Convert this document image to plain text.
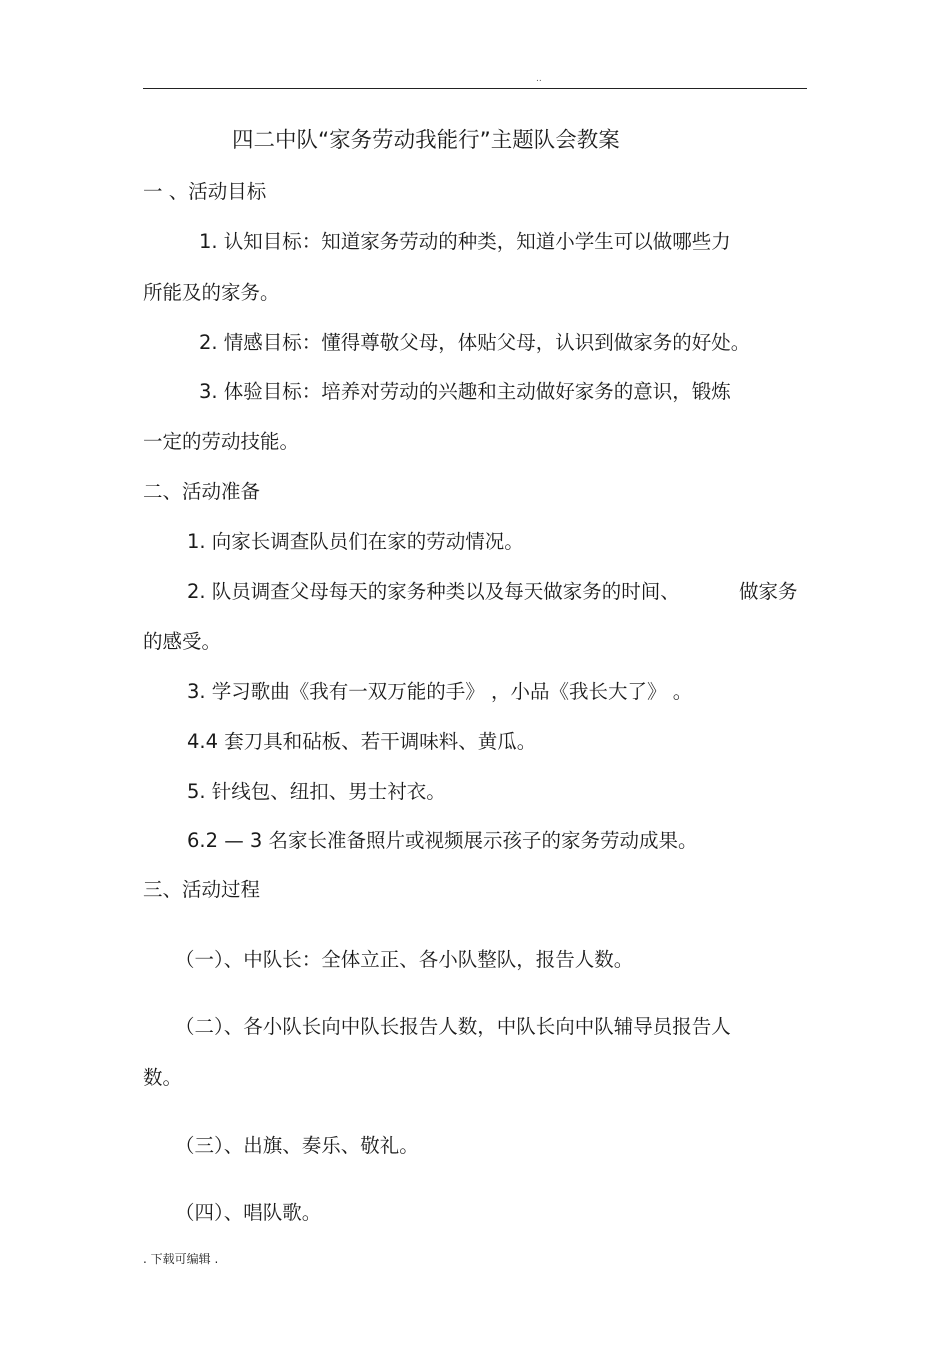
..
四二中队“家务劳动我能行”主题队会教案
一 、活动目标
1. 认知目标：知道家务劳动的种类，知道小学生可以做哪些力
所能及的家务。
2. 情感目标：懂得尊敬父母，体贴父母，认识到做家务的好处。
3. 体验目标：培养对劳动的兴趣和主动做好家务的意识，锻炼
一定的劳动技能。
二、活动准备
1. 向家长调查队员们在家的劳动情况。
2. 队员调查父母每天的家务种类以及每天做家务的时间、	做家务
的感受。
3. 学习歌曲《我有一双万能的手》 ，小品《我长大了》 。
4.4 套刀具和砧板、若干调味料、黄瓜。
5. 针线包、纽扣、男士衬衣。
6.2 — 3 名家长准备照片或视频展示孩子的家务劳动成果。
三、活动过程
（一）、中队长：全体立正、各小队整队，报告人数。
（二）、各小队长向中队长报告人数，中队长向中队辅导员报告人
数。
（三）、出旗、奏乐、敬礼。
（四）、唱队歌。
. 下载可编辑 .
